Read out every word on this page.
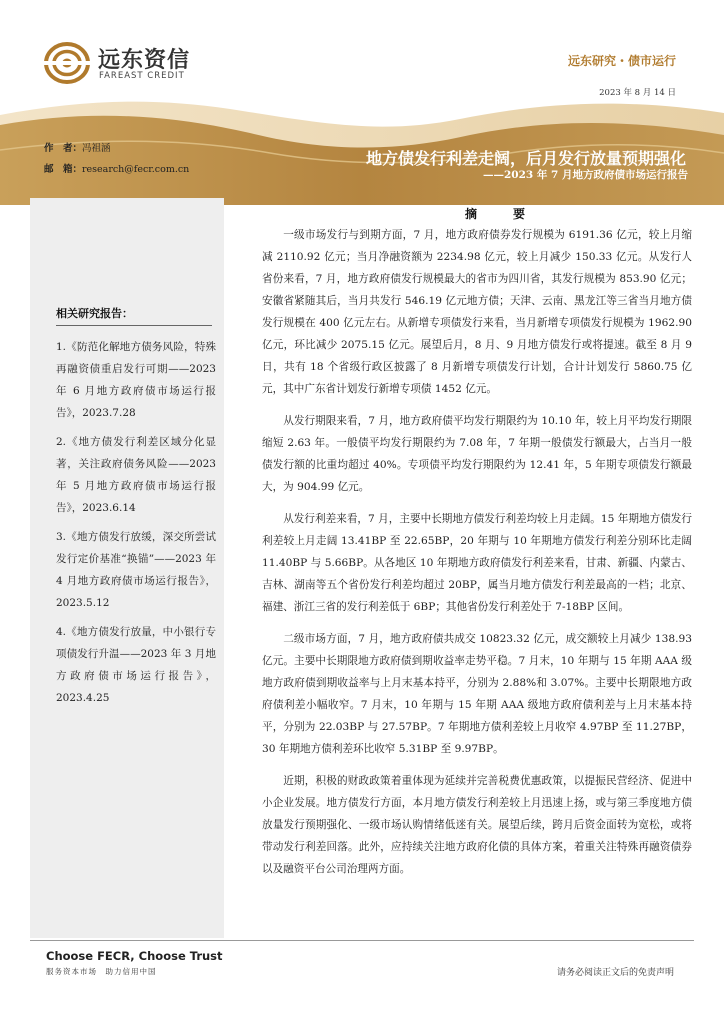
远东资信
FAREAST CREDIT
远东研究・债市运行
2023 年 8 月 14 日
作　者：冯祖涵
邮　箱：research@fecr.com.cn
地方债发行利差走阔，后月发行放量预期强化
——2023 年 7 月地方政府债市场运行报告
相关研究报告：
1.《防范化解地方债务风险，特殊再融资债重启发行可期——2023 年 6 月地方政府债市场运行报告》，2023.7.28
2.《地方债发行利差区域分化显著，关注政府债务风险——2023 年 5 月地方政府债市场运行报告》，2023.6.14
3.《地方债发行放缓，深交所尝试发行定价基准“换锚”——2023 年 4 月地方政府债市场运行报告》，2023.5.12
4.《地方债发行放量，中小银行专项债发行升温——2023 年 3 月地方政府债市场运行报告》，2023.4.25
摘　要

一级市场发行与到期方面，7 月，地方政府债券发行规模为 6191.36 亿元，较上月缩减 2110.92 亿元；当月净融资额为 2234.98 亿元，较上月减少 150.33 亿元。从发行人省份来看，7 月，地方政府债发行规模最大的省市为四川省，其发行规模为 853.90 亿元；安徽省紧随其后，当月共发行 546.19 亿元地方债；天津、云南、黑龙江等三省当月地方债发行规模在 400 亿元左右。从新增专项债发行来看，当月新增专项债发行规模为 1962.90 亿元，环比减少 2075.15 亿元。展望后月，8 月、9 月地方债发行或将提速。截至 8 月 9 日，共有 18 个省级行政区披露了 8 月新增专项债发行计划，合计计划发行 5860.75 亿元，其中广东省计划发行新增专项债 1452 亿元。

从发行期限来看，7 月，地方政府债平均发行期限约为 10.10 年，较上月平均发行期限缩短 2.63 年。一般债平均发行期限约为 7.08 年，7 年期一般债发行额最大，占当月一般债发行额的比重均超过 40%。专项债平均发行期限约为 12.41 年，5 年期专项债发行额最大，为 904.99 亿元。

从发行利差来看，7 月，主要中长期地方债发行利差均较上月走阔。15 年期地方债发行利差较上月走阔 13.41BP 至 22.65BP，20 年期与 10 年期地方债发行利差分别环比走阔 11.40BP 与 5.66BP。从各地区 10 年期地方政府债发行利差来看，甘肃、新疆、内蒙古、吉林、湖南等五个省份发行利差均超过 20BP，属当月地方债发行利差最高的一档；北京、福建、浙江三省的发行利差低于 6BP；其他省份发行利差处于 7-18BP 区间。

二级市场方面，7 月，地方政府债共成交 10823.32 亿元，成交额较上月减少 138.93 亿元。主要中长期限地方政府债到期收益率走势平稳。7 月末，10 年期与 15 年期 AAA 级地方政府债到期收益率与上月末基本持平，分别为 2.88%和 3.07%。主要中长期限地方政府债利差小幅收窄。7 月末，10 年期与 15 年期 AAA 级地方政府债利差与上月末基本持平，分别为 22.03BP 与 27.57BP。7 年期地方债利差较上月收窄 4.97BP 至 11.27BP，30 年期地方债利差环比收窄 5.31BP 至 9.97BP。

近期，积极的财政政策着重体现为延续并完善税费优惠政策，以提振民营经济、促进中小企业发展。地方债发行方面，本月地方债发行利差较上月迅速上扬，或与第三季度地方债放量发行预期强化、一级市场认购情绪低迷有关。展望后续，跨月后资金面转为宽松，或将带动发行利差回落。此外，应持续关注地方政府化债的具体方案，着重关注特殊再融资债券以及融资平台公司治理两方面。

Choose FECR, Choose Trust
服务资本市场　助力信用中国	请务必阅读正文后的免责声明
